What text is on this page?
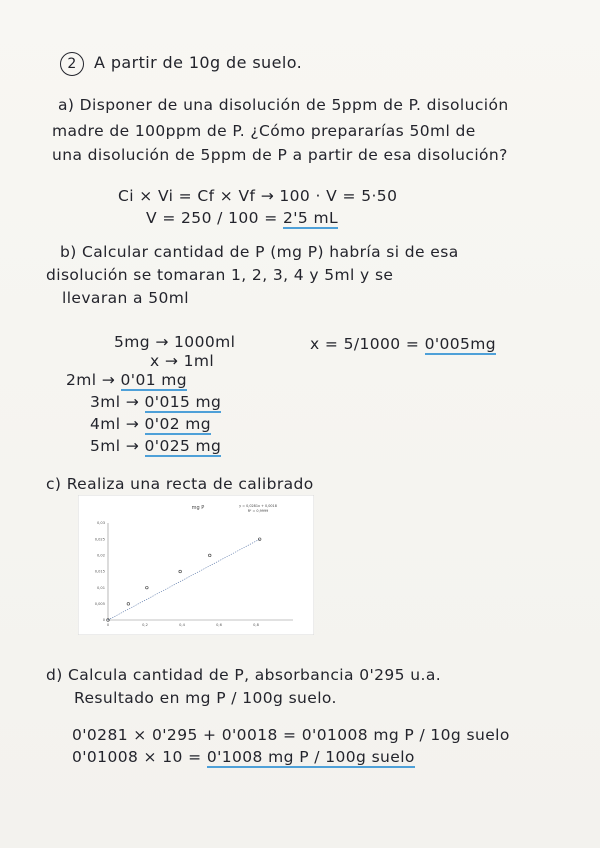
2 A partir de 10g de suelo.
a) Disponer de una disolución de 5ppm de P. disolución
madre de 100ppm de P. ¿Cómo prepararías 50ml de
una disolución de 5ppm de P a partir de esa disolución?
Ci × Vi = Cf × Vf → 100 · V = 5·50
V = 250 / 100 = 2'5 mL
b) Calcular cantidad de P (mg P) habría si de esa
disolución se tomaran 1, 2, 3, 4 y 5ml y se
llevaran a 50ml
5mg → 1000ml
x → 1ml
x = 5/1000 = 0'005mg
2ml → 0'01 mg
3ml → 0'015 mg
4ml → 0'02 mg
5ml → 0'025 mg
c) Realiza una recta de calibrado
mg P	y = 0,0281x + 0,0018
R² = 0,9999
0
0,005
0,01
0,015
0,02
0,025
0,03
0	0,2	0,4	0,6	0,8
d) Calcula cantidad de P, absorbancia 0'295 u.a.
Resultado en mg P / 100g suelo.
0'0281 × 0'295 + 0'0018 = 0'01008 mg P / 10g suelo
0'01008 × 10 = 0'1008 mg P / 100g suelo
